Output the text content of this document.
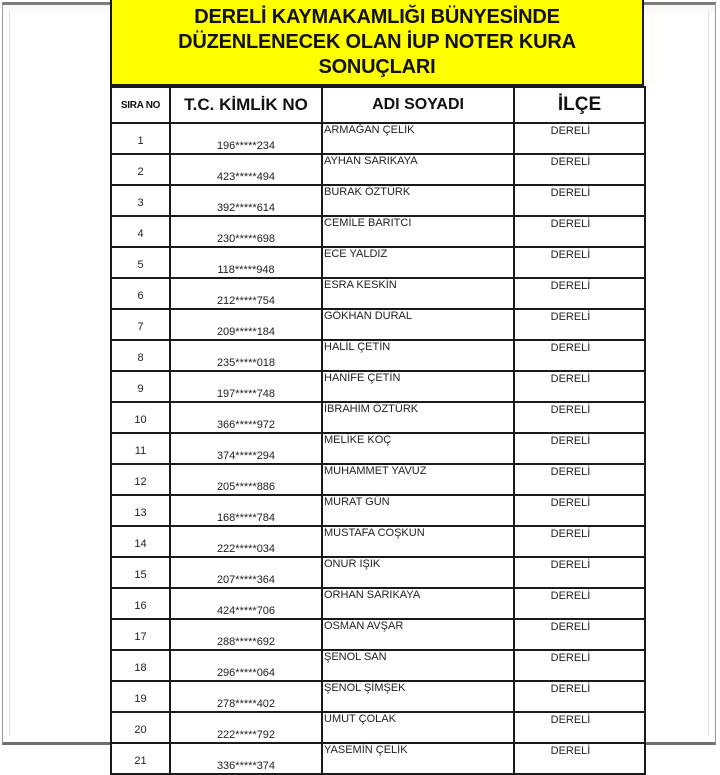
DERELİ KAYMAKAMLIĞI BÜNYESİNDE
DÜZENLENECEK OLAN İUP NOTER KURA
SONUÇLARI
SIRA NO	T.C. KİMLİK NO	ADI SOYADI	İLÇE
1	196*****234	ARMAĞAN ÇELİK	DERELİ
2	423*****494	AYHAN SARIKAYA	DERELİ
3	392*****614	BURAK ÖZTÜRK	DERELİ
4	230*****698	CEMİLE BARITCI	DERELİ
5	118*****948	ECE YALDIZ	DERELİ
6	212*****754	ESRA KESKİN	DERELİ
7	209*****184	GÖKHAN DURAL	DERELİ
8	235*****018	HALİL ÇETİN	DERELİ
9	197*****748	HANİFE ÇETİN	DERELİ
10	366*****972	İBRAHİM ÖZTÜRK	DERELİ
11	374*****294	MELİKE KOÇ	DERELİ
12	205*****886	MUHAMMET YAVUZ	DERELİ
13	168*****784	MURAT GÜN	DERELİ
14	222*****034	MUSTAFA COŞKUN	DERELİ
15	207*****364	ONUR IŞIK	DERELİ
16	424*****706	ORHAN SARIKAYA	DERELİ
17	288*****692	OSMAN AVŞAR	DERELİ
18	296*****064	ŞENOL SAN	DERELİ
19	278*****402	ŞENOL ŞİMŞEK	DERELİ
20	222*****792	UMUT ÇOLAK	DERELİ
21	336*****374	YASEMİN ÇELİK	DERELİ
